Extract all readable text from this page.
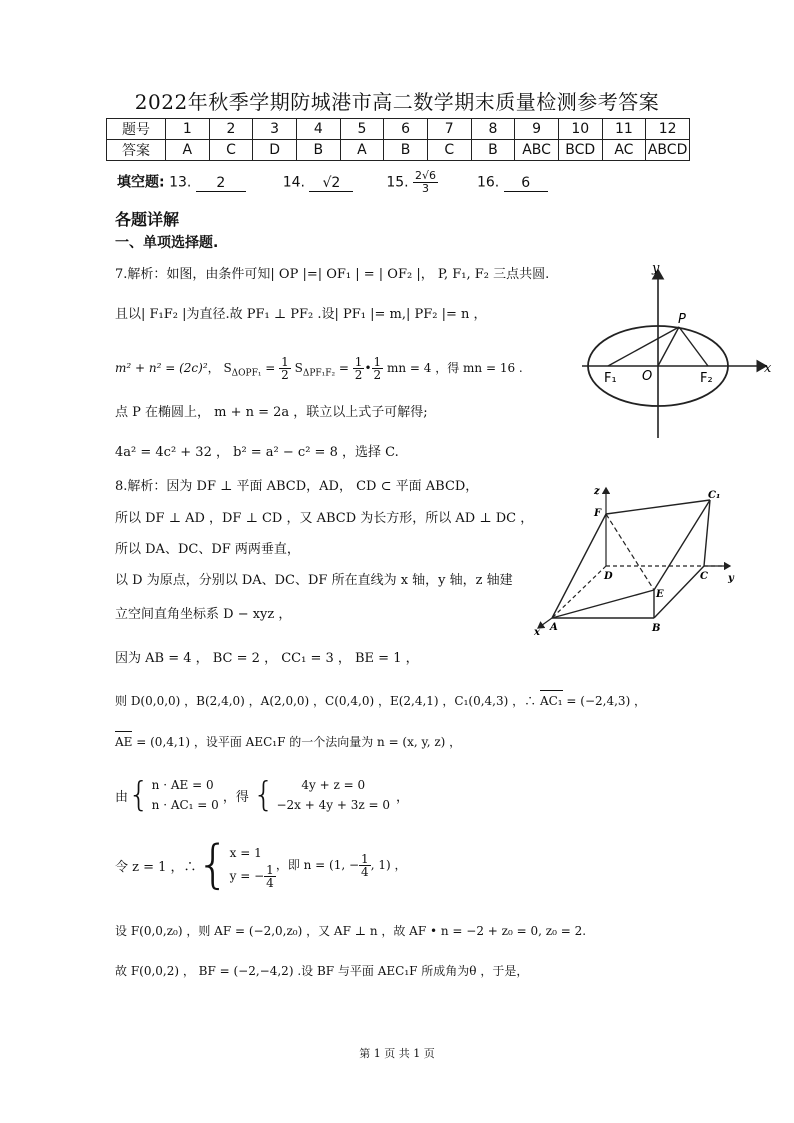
2022年秋季学期防城港市高二数学期末质量检测参考答案
题号	1	2	3	4	5	6	7	8	9	10	11	12
答案	A	C	D	B	A	B	C	B	ABC	BCD	AC	ABCD
填空题: 13. 2	14. √2	15. $\frac{2√6}{3}$	16. 6
各题详解
一、单项选择题.
7.解析：如图，由条件可知| OP |=| OF₁ | = | OF₂ |， P, F₁, F₂ 三点共圆.
且以| F₁F₂ |为直径.故 PF₁ ⊥ PF₂ .设| PF₁ |= m,| PF₂ |= n ，
m² + n² = (2c)²， $S_{\Delta OPF_1} = \frac{1}{2} S_{\Delta PF_1F_2} = \frac{1}{2}$ • $\frac{1}{2}$ mn = 4 ，得 mn = 16 .
点 P 在椭圆上， m + n = 2a ，联立以上式子可解得;
4a² = 4c² + 32 ， b² = a² − c² = 8 ，选择 C.
y
x
P
O
F₁	F₂
8.解析：因为 DF ⊥ 平面 ABCD，AD， CD ⊂ 平面 ABCD，
所以 DF ⊥ AD ，DF ⊥ CD ，又 ABCD 为长方形，所以 AD ⊥ DC ，
所以 DA、DC、DF 两两垂直，
以 D 为原点，分别以 DA、DC、DF 所在直线为 x 轴，y 轴，z 轴建
立空间直角坐标系 D − xyz ，
因为 AB = 4 ， BC = 2 ， CC₁ = 3 ， BE = 1 ，
则 D(0,0,0) ，B(2,4,0) ，A(2,0,0) ，C(0,4,0) ，E(2,4,1) ，C₁(0,4,3) ，∴ AC₁ = (−2,4,3) ，
AE = (0,4,1) ，设平面 AEC₁F 的一个法向量为 n = (x, y, z) ，
由 { n · AE = 0
n · AC₁ = 0
，得 {	4y + z = 0
−2x + 4y + 3z = 0
，
令 z = 1 ，∴ { x = 1
y = − $\frac{1}{4}$ ，即 n = (1, − $\frac{1}{4}$ , 1) ，
设 F(0,0,z₀) ，则 AF = (−2,0,z₀) ，又 AF ⊥ n ，故 AF • n = −2 + z₀ = 0, z₀ = 2.
故 F(0,0,2) ， BF = (−2,−4,2) .设 BF 与平面 AEC₁F 所成角为θ ，于是，
z
F
C₁
D	C y
E
A	B
x
第 1 页 共 1 页
